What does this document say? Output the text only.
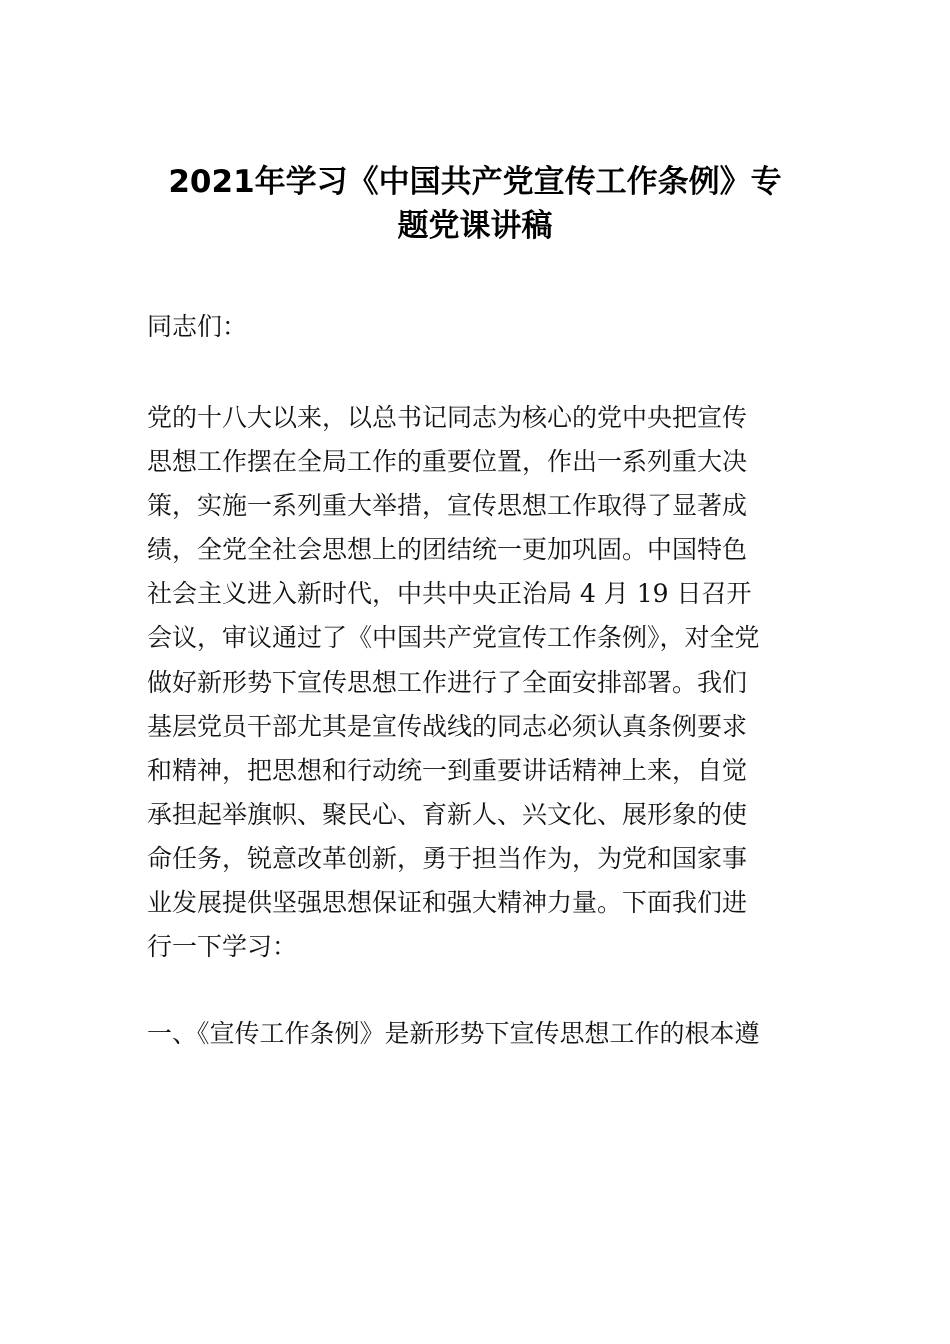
2021年学习《中国共产党宣传工作条例》专
题党课讲稿

同志们：

党的十八大以来，以总书记同志为核心的党中央把宣传
思想工作摆在全局工作的重要位置，作出一系列重大决
策，实施一系列重大举措，宣传思想工作取得了显著成
绩，全党全社会思想上的团结统一更加巩固。中国特色
社会主义进入新时代，中共中央正治局 4 月 19 日召开
会议，审议通过了《中国共产党宣传工作条例》，对全党
做好新形势下宣传思想工作进行了全面安排部署。我们
基层党员干部尤其是宣传战线的同志必须认真条例要求
和精神，把思想和行动统一到重要讲话精神上来，自觉
承担起举旗帜、聚民心、育新人、兴文化、展形象的使
命任务，锐意改革创新，勇于担当作为，为党和国家事
业发展提供坚强思想保证和强大精神力量。下面我们进
行一下学习：

一、《宣传工作条例》是新形势下宣传思想工作的根本遵
